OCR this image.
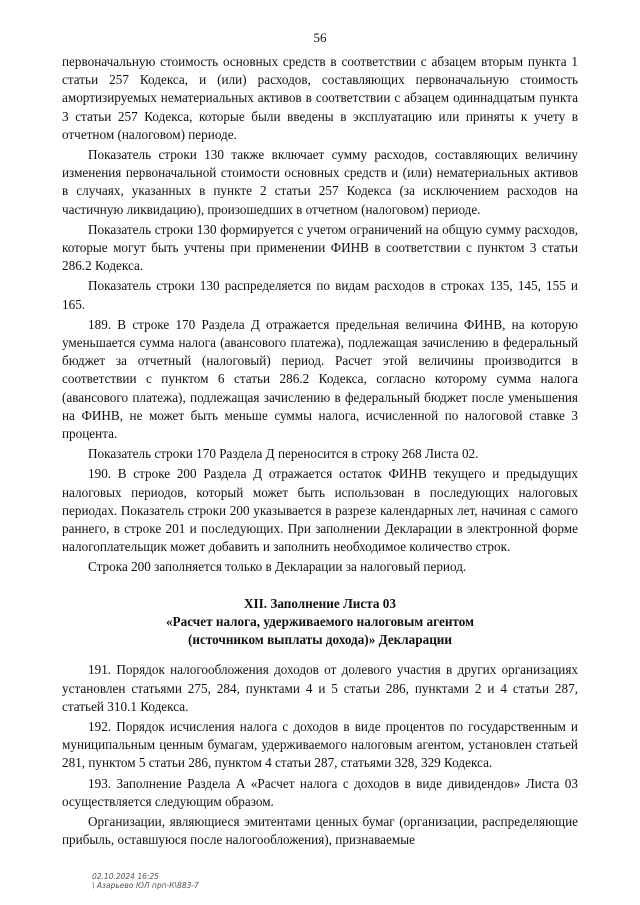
56

первоначальную стоимость основных средств в соответствии с абзацем вторым пункта 1 статьи 257 Кодекса, и (или) расходов, составляющих первоначальную стоимость амортизируемых нематериальных активов в соответствии с абзацем одиннадцатым пункта 3 статьи 257 Кодекса, которые были введены в эксплуатацию или приняты к учету в отчетном (налоговом) периоде.

Показатель строки 130 также включает сумму расходов, составляющих величину изменения первоначальной стоимости основных средств и (или) нематериальных активов в случаях, указанных в пункте 2 статьи 257 Кодекса (за исключением расходов на частичную ликвидацию), произошедших в отчетном (налоговом) периоде.

Показатель строки 130 формируется с учетом ограничений на общую сумму расходов, которые могут быть учтены при применении ФИНВ в соответствии с пунктом 3 статьи 286.2 Кодекса.

Показатель строки 130 распределяется по видам расходов в строках 135, 145, 155 и 165.

189. В строке 170 Раздела Д отражается предельная величина ФИНВ, на которую уменьшается сумма налога (авансового платежа), подлежащая зачислению в федеральный бюджет за отчетный (налоговый) период. Расчет этой величины производится в соответствии с пунктом 6 статьи 286.2 Кодекса, согласно которому сумма налога (авансового платежа), подлежащая зачислению в федеральный бюджет после уменьшения на ФИНВ, не может быть меньше суммы налога, исчисленной по налоговой ставке 3 процента.

Показатель строки 170 Раздела Д переносится в строку 268 Листа 02.

190. В строке 200 Раздела Д отражается остаток ФИНВ текущего и предыдущих налоговых периодов, который может быть использован в последующих налоговых периодах. Показатель строки 200 указывается в разрезе календарных лет, начиная с самого раннего, в строке 201 и последующих. При заполнении Декларации в электронной форме налогоплательщик может добавить и заполнить необходимое количество строк.

Строка 200 заполняется только в Декларации за налоговый период.

XII. Заполнение Листа 03
«Расчет налога, удерживаемого налоговым агентом
(источником выплаты дохода)» Декларации

191. Порядок налогообложения доходов от долевого участия в других организациях установлен статьями 275, 284, пунктами 4 и 5 статьи 286, пунктами 2 и 4 статьи 287, статьей 310.1 Кодекса.

192. Порядок исчисления налога с доходов в виде процентов по государственным и муниципальным ценным бумагам, удерживаемого налоговым агентом, установлен статьей 281, пунктом 5 статьи 286, пунктом 4 статьи 287, статьями 328, 329 Кодекса.

193. Заполнение Раздела А «Расчет налога с доходов в виде дивидендов» Листа 03 осуществляется следующим образом.

Организации, являющиеся эмитентами ценных бумаг (организации, распределяющие прибыль, оставшуюся после налогообложения), признаваемые

02.10.2024 16:25
\ Азарьево ЮЛ прп-К\883-7
